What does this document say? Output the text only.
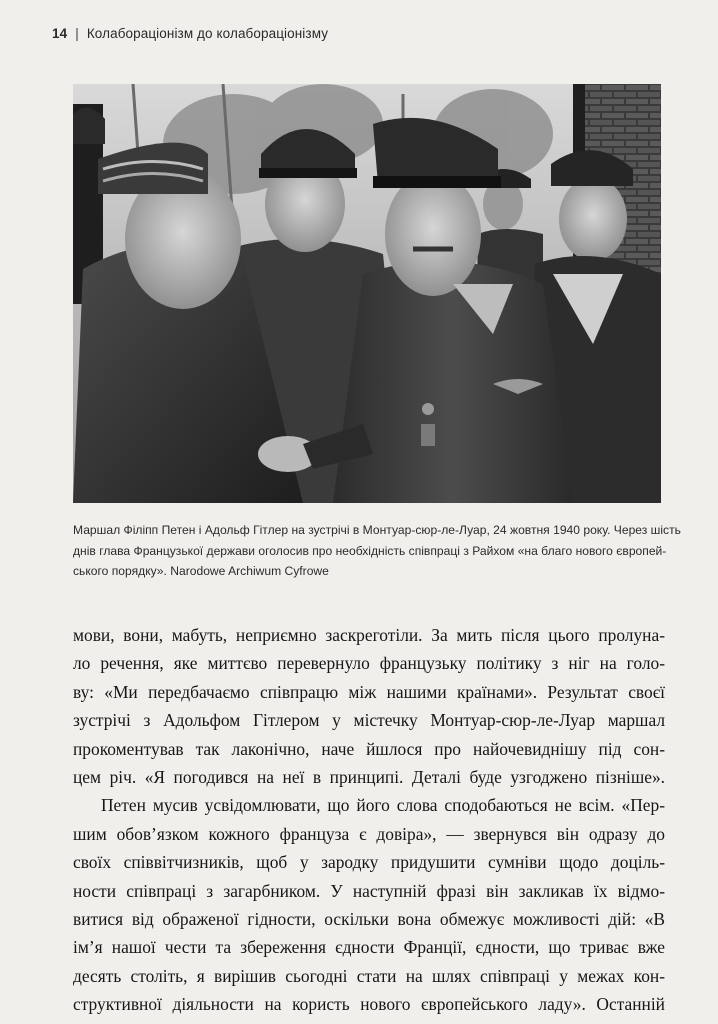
14 | Колабораціонізм до колабораціонізму

Маршал Філіпп Петен і Адольф Гітлер на зустрічі в Монтуар-сюр-ле-Луар, 24 жовтня 1940 року. Через шість
днів глава Французької держави оголосив про необхідність співпраці з Райхом «на благо нового європей-
ського порядку». Narodowe Archiwum Cyfrowe

мови, вони, мабуть, неприємно заскреготіли. За мить після цього пролуна-
ло речення, яке миттєво перевернуло французьку політику з ніг на голо-
ву: «Ми передбачаємо співпрацю між нашими країнами». Результат своєї
зустрічі з Адольфом Гітлером у містечку Монтуар-сюр-ле-Луар маршал
прокоментував так лаконічно, наче йшлося про найочевиднішу під сон-
цем річ. «Я погодився на неї в принципі. Деталі буде узгоджено пізніше».
Петен мусив усвідомлювати, що його слова сподобаються не всім. «Пер-
шим обов’язком кожного француза є довіра», — звернувся він одразу до
своїх співвітчизників, щоб у зародку придушити сумніви щодо доціль-
ности співпраці з загарбником. У наступній фразі він закликав їх відмо-
витися від ображеної гідности, оскільки вона обмежує можливості дій: «В
ім’я нашої чести та збереження єдности Франції, єдности, що триває вже
десять століть, я вирішив сьогодні стати на шлях співпраці у межах кон-
структивної діяльности на користь нового європейського ладу». Останній
